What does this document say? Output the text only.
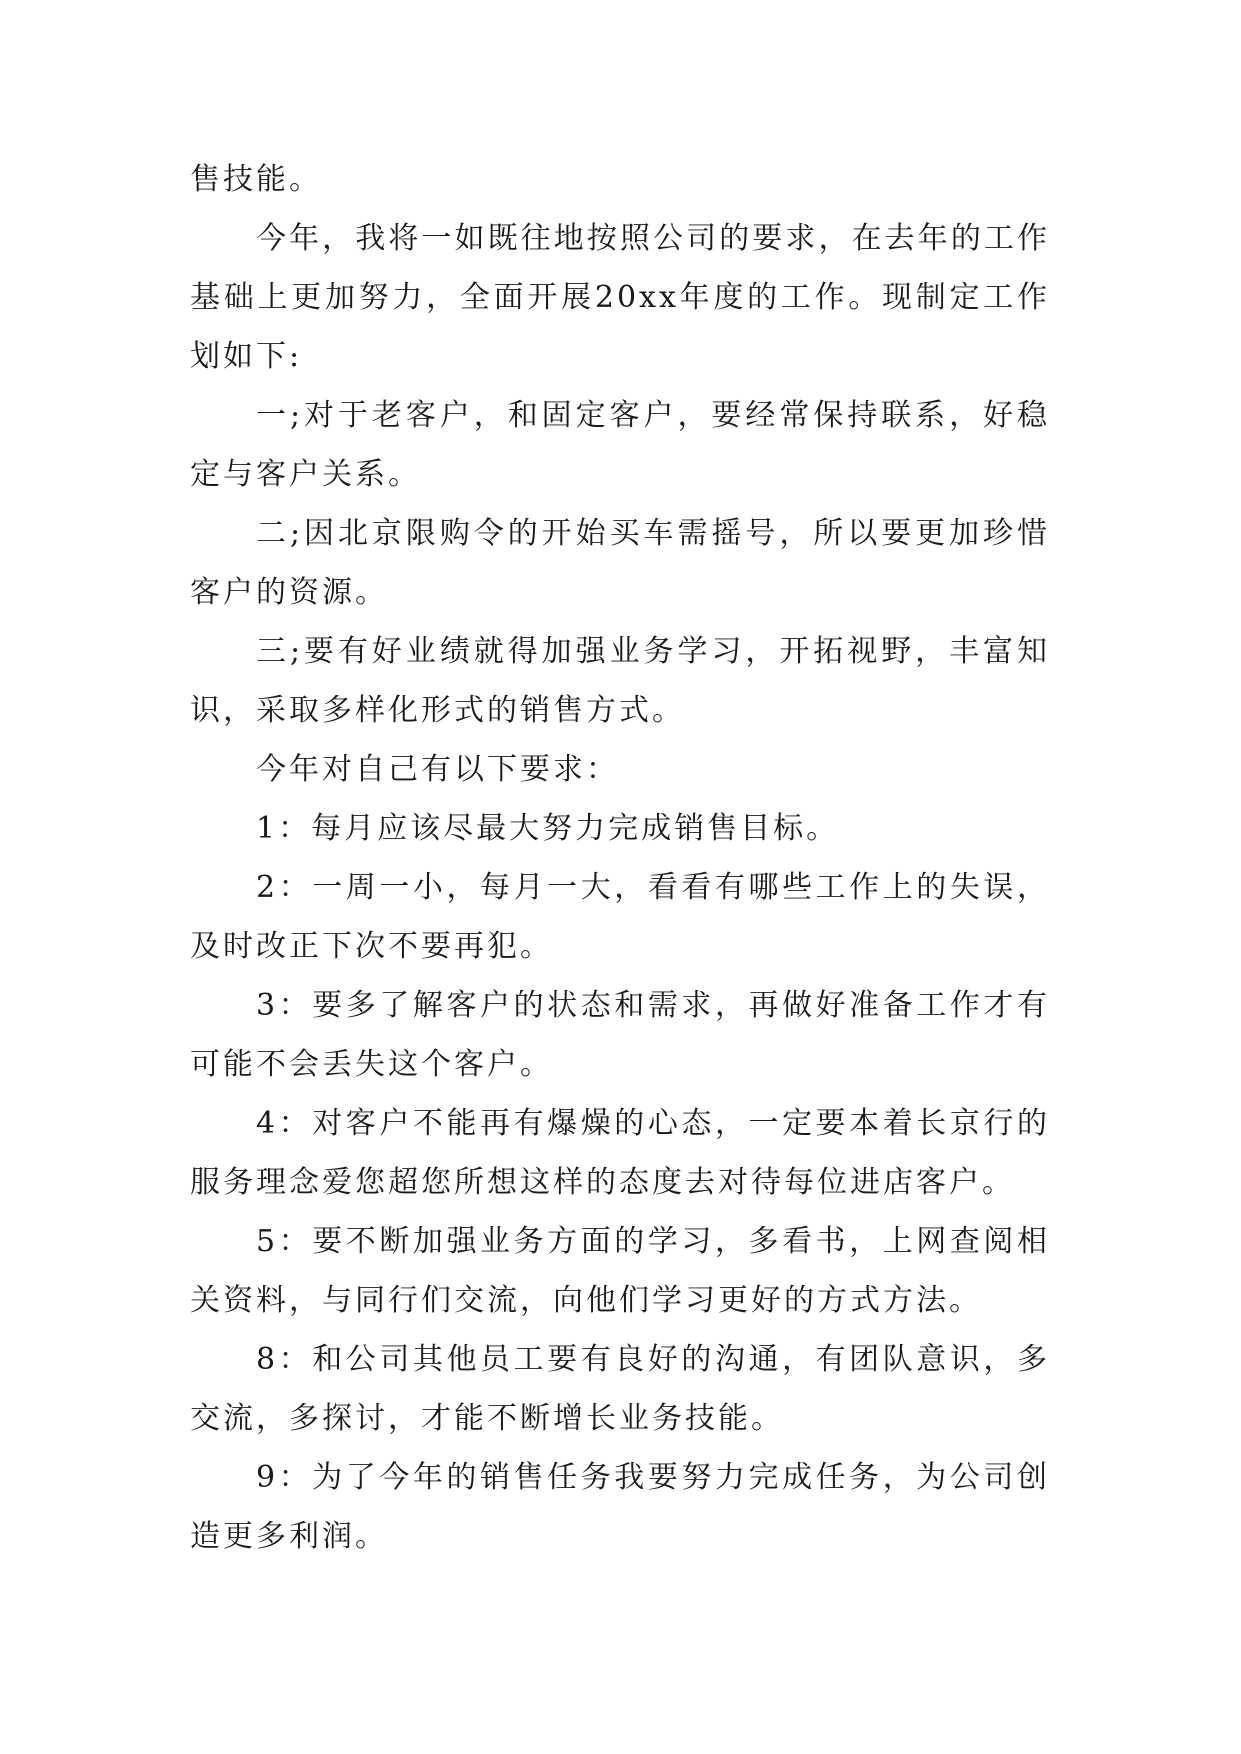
售技能。

今年，我将一如既往地按照公司的要求，在去年的工作基础上更加努力，全面开展20xx年度的工作。现制定工作划如下:

一;对于老客户，和固定客户，要经常保持联系，好稳定与客户关系。

二;因北京限购令的开始买车需摇号，所以要更加珍惜客户的资源。

三;要有好业绩就得加强业务学习，开拓视野，丰富知识，采取多样化形式的销售方式。

今年对自己有以下要求：

1：每月应该尽最大努力完成销售目标。

2：一周一小，每月一大，看看有哪些工作上的失误，及时改正下次不要再犯。

3：要多了解客户的状态和需求，再做好准备工作才有可能不会丢失这个客户。

4：对客户不能再有爆燥的心态，一定要本着长京行的服务理念爱您超您所想这样的态度去对待每位进店客户。

5：要不断加强业务方面的学习，多看书，上网查阅相关资料，与同行们交流，向他们学习更好的方式方法。

8：和公司其他员工要有良好的沟通，有团队意识，多交流，多探讨，才能不断增长业务技能。

9：为了今年的销售任务我要努力完成任务，为公司创造更多利润。
